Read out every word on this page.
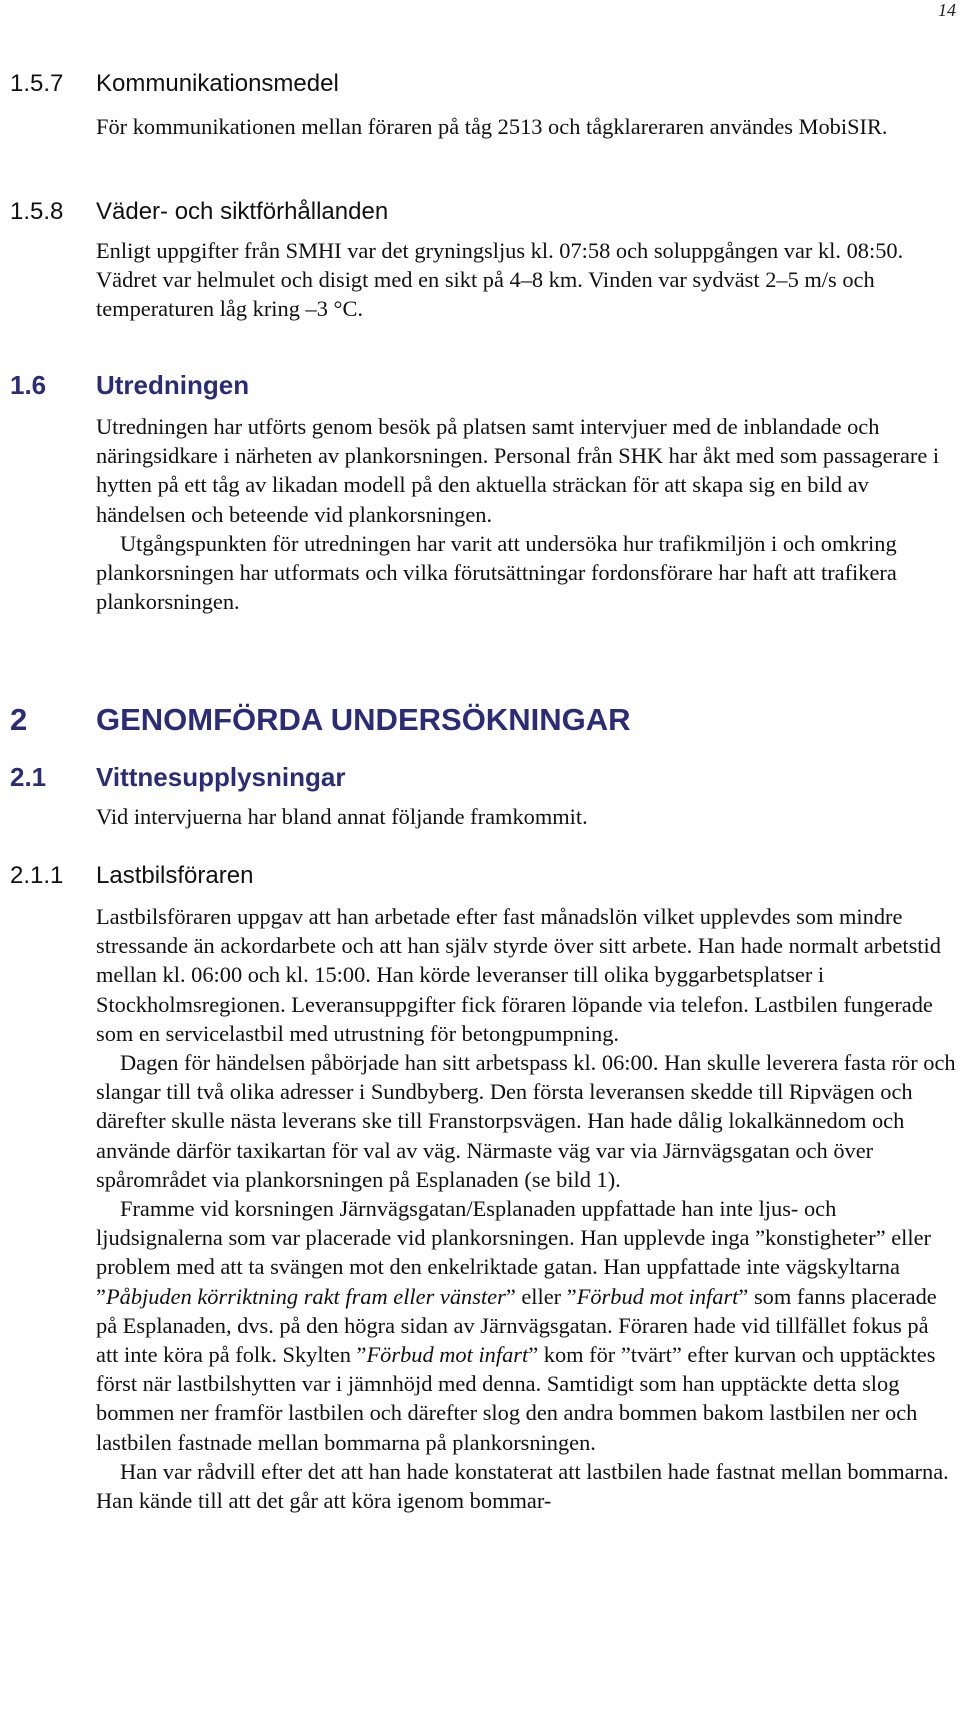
14
1.5.7 Kommunikationsmedel

För kommunikationen mellan föraren på tåg 2513 och tågklareraren användes MobiSIR.

1.5.8 Väder- och siktförhållanden

Enligt uppgifter från SMHI var det gryningsljus kl. 07:58 och soluppgången var kl. 08:50. Vädret var helmulet och disigt med en sikt på 4–8 km. Vinden var sydväst 2–5 m/s och temperaturen låg kring –3 °C.

1.6 Utredningen

Utredningen har utförts genom besök på platsen samt intervjuer med de inblandade och näringsidkare i närheten av plankorsningen. Personal från SHK har åkt med som passagerare i hytten på ett tåg av likadan modell på den aktuella sträckan för att skapa sig en bild av händelsen och beteende vid plankorsningen.

Utgångspunkten för utredningen har varit att undersöka hur trafikmiljön i och omkring plankorsningen har utformats och vilka förutsättningar fordonsförare har haft att trafikera plankorsningen.

2 GENOMFÖRDA UNDERSÖKNINGAR
2.1 Vittnesupplysningar

Vid intervjuerna har bland annat följande framkommit.

2.1.1 Lastbilsföraren

Lastbilsföraren uppgav att han arbetade efter fast månadslön vilket upplevdes som mindre stressande än ackordarbete och att han själv styrde över sitt arbete. Han hade normalt arbetstid mellan kl. 06:00 och kl. 15:00. Han körde leveranser till olika byggarbetsplatser i Stockholmsregionen. Leveransuppgifter fick föraren löpande via telefon. Lastbilen fungerade som en servicelastbil med utrustning för betongpumpning.

Dagen för händelsen påbörjade han sitt arbetspass kl. 06:00. Han skulle leverera fasta rör och slangar till två olika adresser i Sundbyberg. Den första leveransen skedde till Ripvägen och därefter skulle nästa leverans ske till Franstorpsvägen. Han hade dålig lokalkännedom och använde därför taxikartan för val av väg. Närmaste väg var via Järnvägsgatan och över spårområdet via plankorsningen på Esplanaden (se bild 1).

Framme vid korsningen Järnvägsgatan/Esplanaden uppfattade han inte ljus- och ljudsignalerna som var placerade vid plankorsningen. Han upplevde inga ”konstigheter” eller problem med att ta svängen mot den enkelriktade gatan. Han uppfattade inte vägskyltarna ”Påbjuden körriktning rakt fram eller vänster” eller ”Förbud mot infart” som fanns placerade på Esplanaden, dvs. på den högra sidan av Järnvägsgatan. Föraren hade vid tillfället fokus på att inte köra på folk. Skylten ”Förbud mot infart” kom för ”tvärt” efter kurvan och upptäcktes först när lastbilshytten var i jämnhöjd med denna. Samtidigt som han upptäckte detta slog bommen ner framför lastbilen och därefter slog den andra bommen bakom lastbilen ner och lastbilen fastnade mellan bommarna på plankorsningen.

Han var rådvill efter det att han hade konstaterat att lastbilen hade fastnat mellan bommarna. Han kände till att det går att köra igenom bommar-
